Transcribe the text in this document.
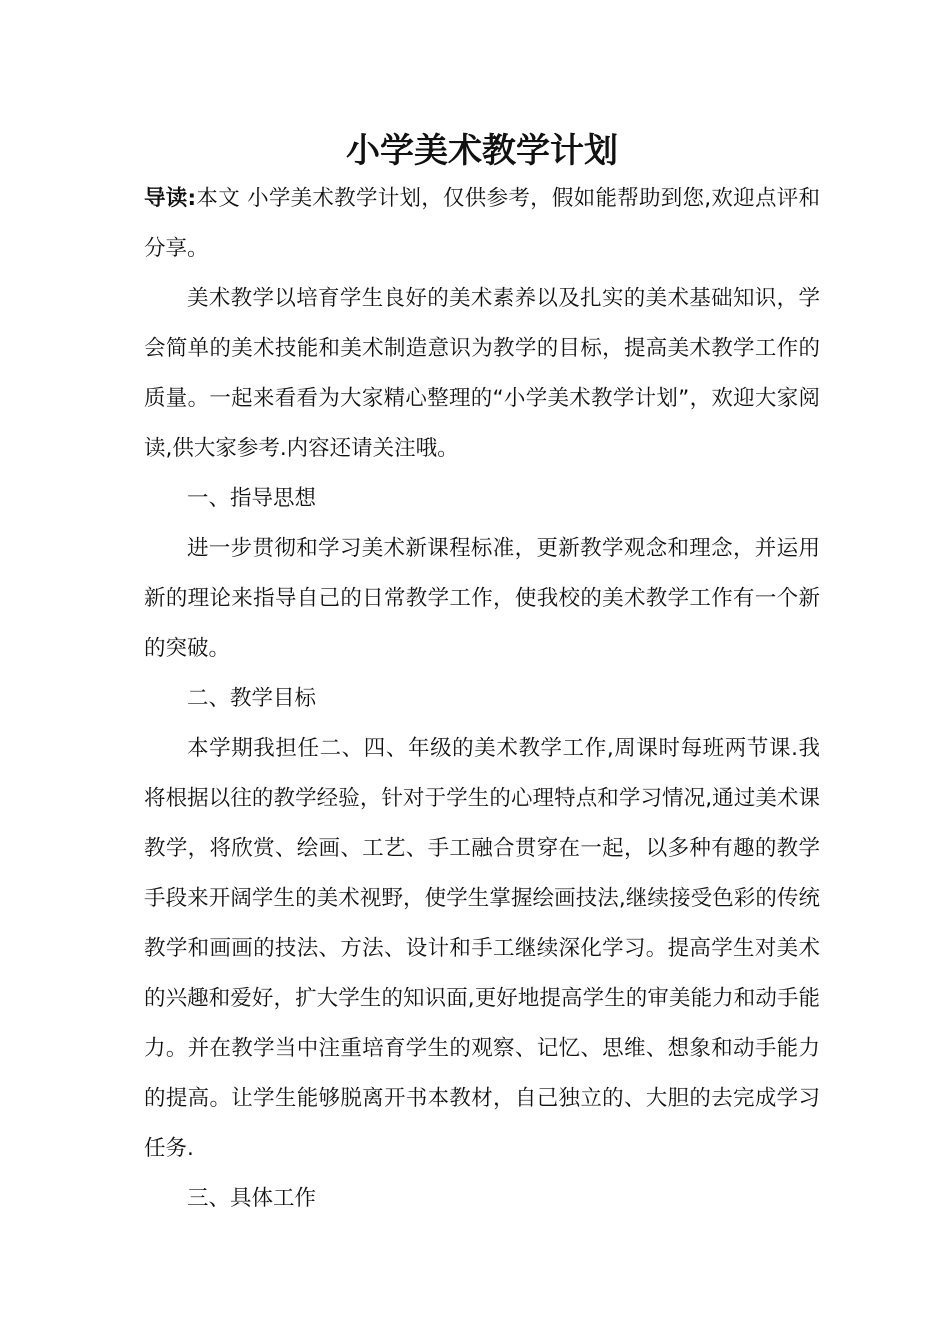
小学美术教学计划

导读:本文 小学美术教学计划，仅供参考，假如能帮助到您,欢迎点评和分享。

美术教学以培育学生良好的美术素养以及扎实的美术基础知识，学会简单的美术技能和美术制造意识为教学的目标，提高美术教学工作的质量。一起来看看为大家精心整理的“小学美术教学计划”，欢迎大家阅读,供大家参考.内容还请关注哦。

一、指导思想

进一步贯彻和学习美术新课程标准，更新教学观念和理念，并运用新的理论来指导自己的日常教学工作，使我校的美术教学工作有一个新的突破。

二、教学目标

本学期我担任二、四、年级的美术教学工作,周课时每班两节课.我将根据以往的教学经验，针对于学生的心理特点和学习情况,通过美术课教学，将欣赏、绘画、工艺、手工融合贯穿在一起，以多种有趣的教学手段来开阔学生的美术视野，使学生掌握绘画技法,继续接受色彩的传统教学和画画的技法、方法、设计和手工继续深化学习。提高学生对美术的兴趣和爱好，扩大学生的知识面,更好地提高学生的审美能力和动手能力。并在教学当中注重培育学生的观察、记忆、思维、想象和动手能力的提高。让学生能够脱离开书本教材，自己独立的、大胆的去完成学习任务.

三、具体工作
